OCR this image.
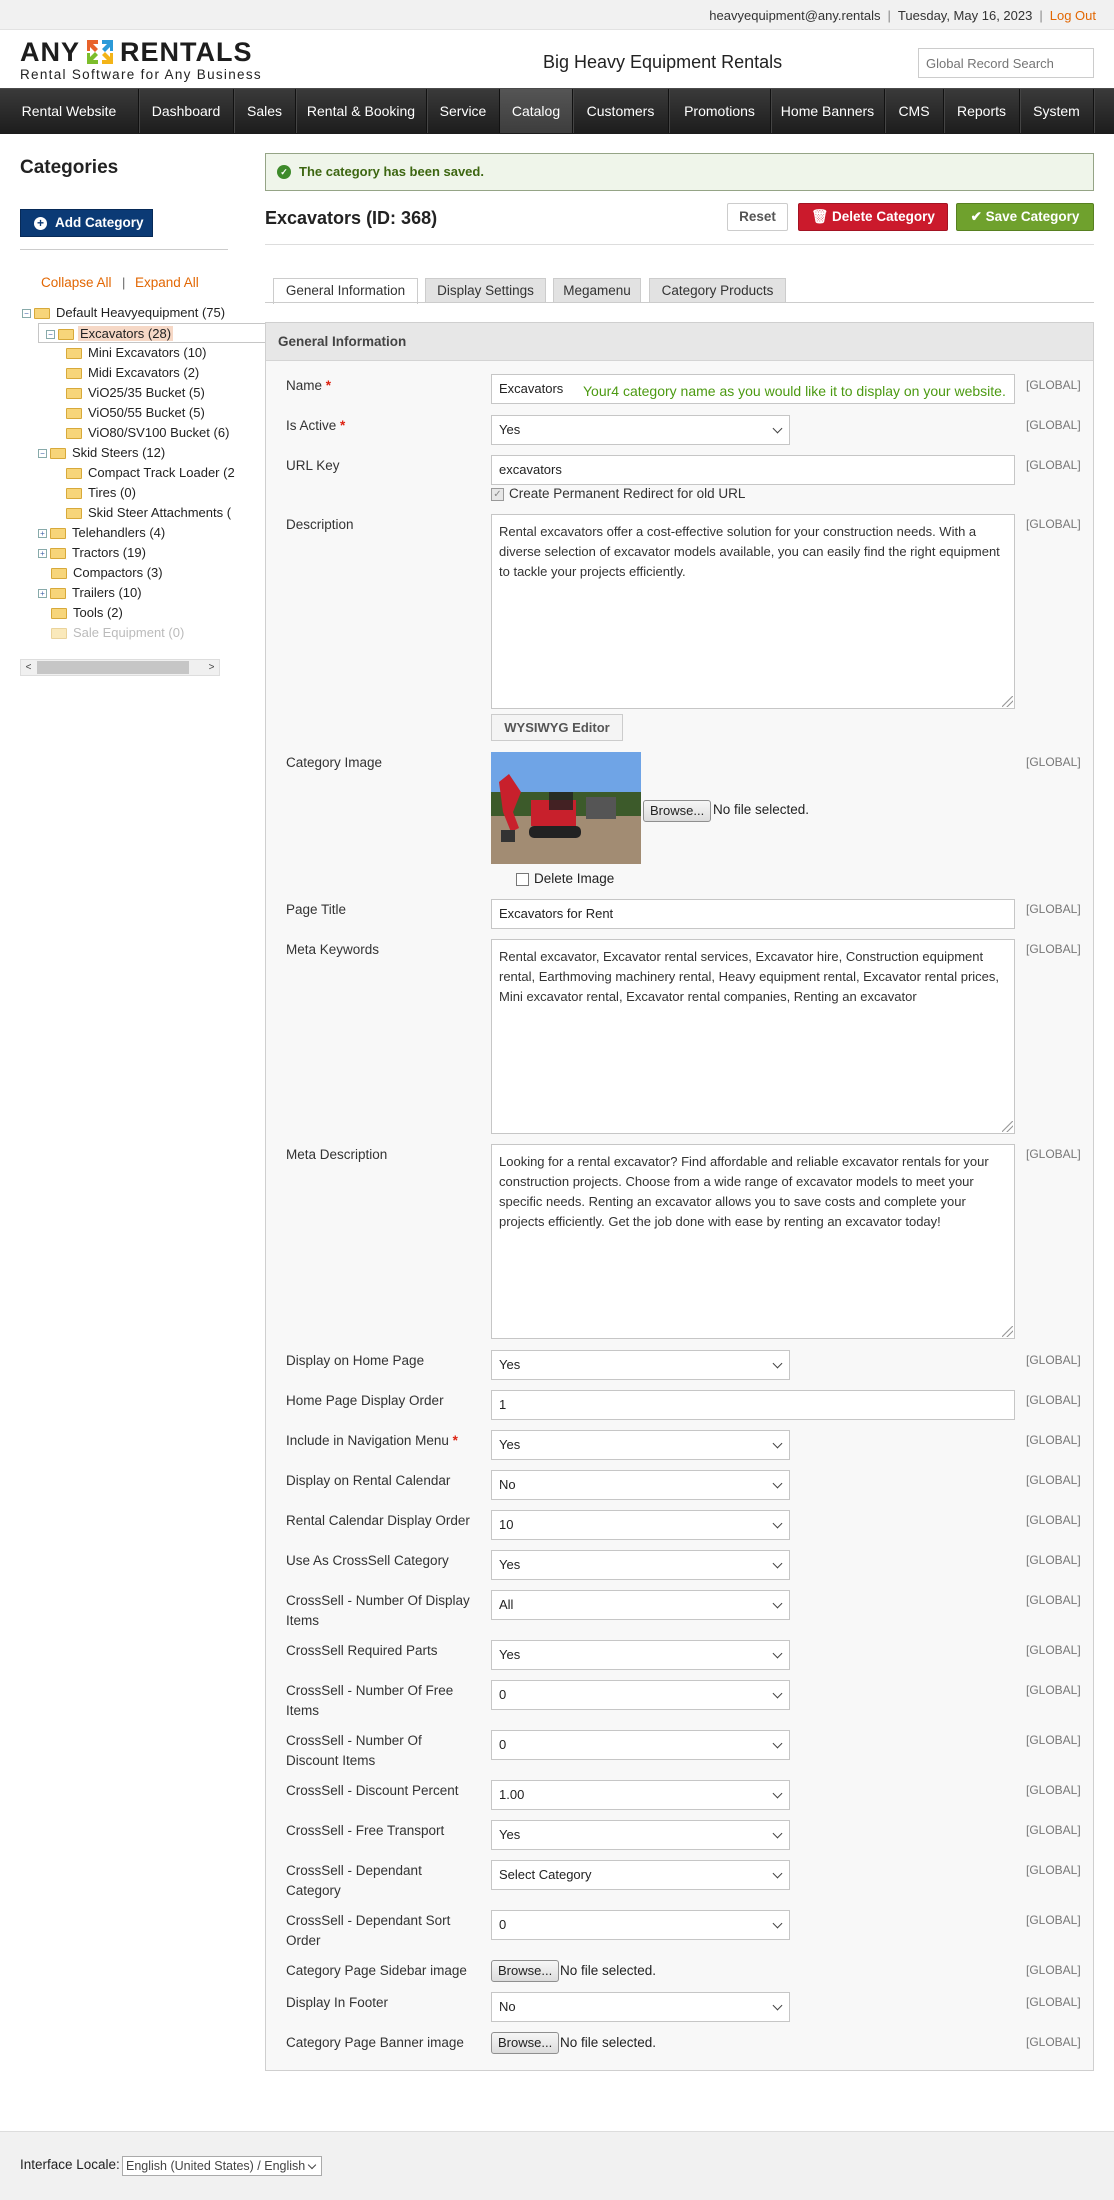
heavyequipment@any.rentals | Tuesday, May 16, 2023 | Log Out
ANY RENTALS
Rental Software for Any Business
Big Heavy Equipment Rentals
Global Record Search
Rental Website	Dashboard	Sales	Rental & Booking	Service	Catalog	Customers	Promotions	Home Banners	CMS	Reports	System
Categories
+ Add Category
Collapse All | Expand All
− Default Heavyequipment (75)
− Excavators (28)
Mini Excavators (10)
Midi Excavators (2)
ViO25/35 Bucket (5)
ViO50/55 Bucket (5)
ViO80/SV100 Bucket (6)
− Skid Steers (12)
Compact Track Loader (2
Tires (0)
Skid Steer Attachments (
+ Telehandlers (4)
+ Tractors (19)
Compactors (3)
+ Trailers (10)
Tools (2)
Sale Equipment (0)
<	>
✓ The category has been saved.
Excavators (ID: 368)	Reset	🗑 Delete Category	✔ Save Category
General Information	Display Settings	Megamenu	Category Products
General Information
Name *	Excavators	Your4 category name as you would like it to display on your website. [GLOBAL]
Is Active *	Yes	[GLOBAL]
URL Key	excavators	[GLOBAL]
✓ Create Permanent Redirect for old URL
Description	Rental excavators offer a cost-effective solution for your construction needs. With a diverse selection of excavator models available, you can easily find the right equipment to tackle your projects efficiently.
[GLOBAL]
WYSIWYG Editor
Category Image
Browse... No file selected.
[GLOBAL]
Delete Image
Page Title	Excavators for Rent	[GLOBAL]
Meta Keywords	Rental excavator, Excavator rental services, Excavator hire, Construction equipment rental, Earthmoving machinery rental, Heavy equipment rental, Excavator rental prices, Mini excavator rental, Excavator rental companies, Renting an excavator
[GLOBAL]
Meta Description	Looking for a rental excavator? Find affordable and reliable excavator rentals for your construction projects. Choose from a wide range of excavator models to meet your specific needs. Renting an excavator allows you to save costs and complete your projects efficiently. Get the job done with ease by renting an excavator today!
[GLOBAL]
Display on Home Page	Yes	[GLOBAL]
Home Page Display Order	1	[GLOBAL]
Include in Navigation Menu *	Yes	[GLOBAL]
Display on Rental Calendar	No	[GLOBAL]
Rental Calendar Display Order	10	[GLOBAL]
Use As CrossSell Category	Yes	[GLOBAL]
CrossSell - Number Of Display Items
All	[GLOBAL]
CrossSell Required Parts	Yes	[GLOBAL]
CrossSell - Number Of Free Items
0	[GLOBAL]
CrossSell - Number Of Discount Items
0	[GLOBAL]
CrossSell - Discount Percent	1.00	[GLOBAL]
CrossSell - Free Transport	Yes	[GLOBAL]
CrossSell - Dependant Category
Select Category	[GLOBAL]
CrossSell - Dependant Sort Order
0	[GLOBAL]
Category Page Sidebar image	Browse... No file selected.	[GLOBAL]
Display In Footer	No	[GLOBAL]
Category Page Banner image	Browse... No file selected.	[GLOBAL]
Interface Locale: English (United States) / English
